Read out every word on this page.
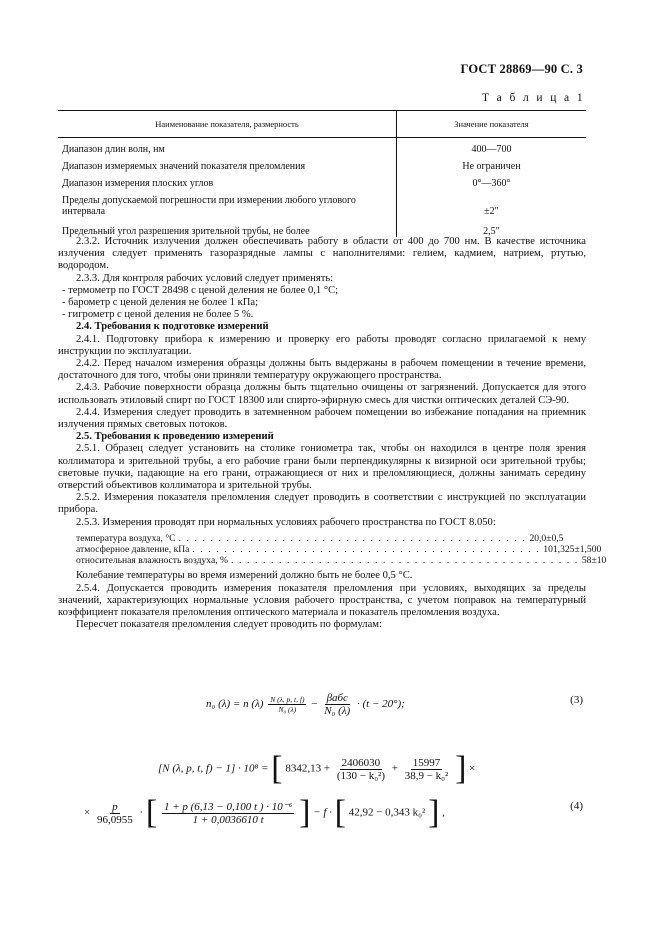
ГОСТ 28869—90 С. 3
Т а б л и ц а 1
Наименование показателя, размерность	Значение показателя
Диапазон длин волн, нм	400—700
Диапазон измеряемых значений показателя преломления	Не ограничен
Диапазон измерения плоских углов	0°—360°
Пределы допускаемой погрешности при измерении любого углового интервала	±2″
Предельный угол разрешения зрительной трубы, не более	2,5″

2.3.2. Источник излучения должен обеспечивать работу в области от 400 до 700 нм. В качестве источника излучения следует применять газоразрядные лампы с наполнителями: гелием, кадмием, натрием, ртутью, водородом.

2.3.3. Для контроля рабочих условий следует применять:

- термометр по ГОСТ 28498 с ценой деления не более 0,1 °С;

- барометр с ценой деления не более 1 кПа;

- гигрометр с ценой деления не более 5 %.

2.4. Требования к подготовке измерений

2.4.1. Подготовку прибора к измерению и проверку его работы проводят согласно прилагаемой к нему инструкции по эксплуатации.

2.4.2. Перед началом измерения образцы должны быть выдержаны в рабочем помещении в течение времени, достаточного для того, чтобы они приняли температуру окружающего пространства.

2.4.3. Рабочие поверхности образца должны быть тщательно очищены от загрязнений. Допускается для этого использовать этиловый спирт по ГОСТ 18300 или спирто-эфирную смесь для чистки оптических деталей СЭ-90.

2.4.4. Измерения следует проводить в затемненном рабочем помещении во избежание попадания на приемник излучения прямых световых потоков.

2.5. Требования к проведению измерений

2.5.1. Образец следует установить на столике гониометра так, чтобы он находился в центре поля зрения коллиматора и зрительной трубы, а его рабочие грани были перпендикулярны к визирной оси зрительной трубы; световые пучки, падающие на его грани, отражающиеся от них и преломляющиеся, должны занимать середину отверстий объективов коллиматора и зрительной трубы.

2.5.2. Измерения показателя преломления следует проводить в соответствии с инструкцией по эксплуатации прибора.

2.5.3. Измерения проводят при нормальных условиях рабочего пространства по ГОСТ 8.050:

температура воздуха, °С . . . . . . . . . . . . . . . . . . . . . . . . . . . . . . . . . . . . . . . . . . . . 20,0±0,5
атмосферное давление, кПа . . . . . . . . . . . . . . . . . . . . . . . . . . . . . . . . . . . . . . . . . . . . 101,325±1,500
относительная влажность воздуха, % . . . . . . . . . . . . . . . . . . . . . . . . . . . . . . . . . . . . . . . . . . . . 58±10

Колебание температуры во время измерений должно быть не более 0,5 °С.

2.5.4. Допускается проводить измерения показателя преломления при условиях, выходящих за пределы значений, характеризующих нормальные условия рабочего пространства, с учетом поправок на температурный коэффициент показателя преломления оптического материала и показатель преломления воздуха.

Пересчет показателя преломления следует проводить по формулам:

n₀ (λ) = n $(\lambda) \frac{N (\lambda, p, t, f)}{\text{N₀ (λ)}} - \frac{\text{βабс}}{\text{N₀ (λ)}} \cdot (t - 20^\circ)$;	(3)
[N (λ, p, t, f) − 1] · 10⁸ = [ $8342,13 + \frac{2406030}{\text{(130 − k₀²)}} + \frac{15997}{\text{38,9 − k₀²}}$ ] ×
× $\frac{p}{96,0955}$ · [ $\frac{\text{1 + p (6,13 − 0,100 t ) · 10⁻⁶}}{1 + 0,0036610 t}$ ] − f · [ 42,92 − 0,343 k₀² ] ,
(4)
